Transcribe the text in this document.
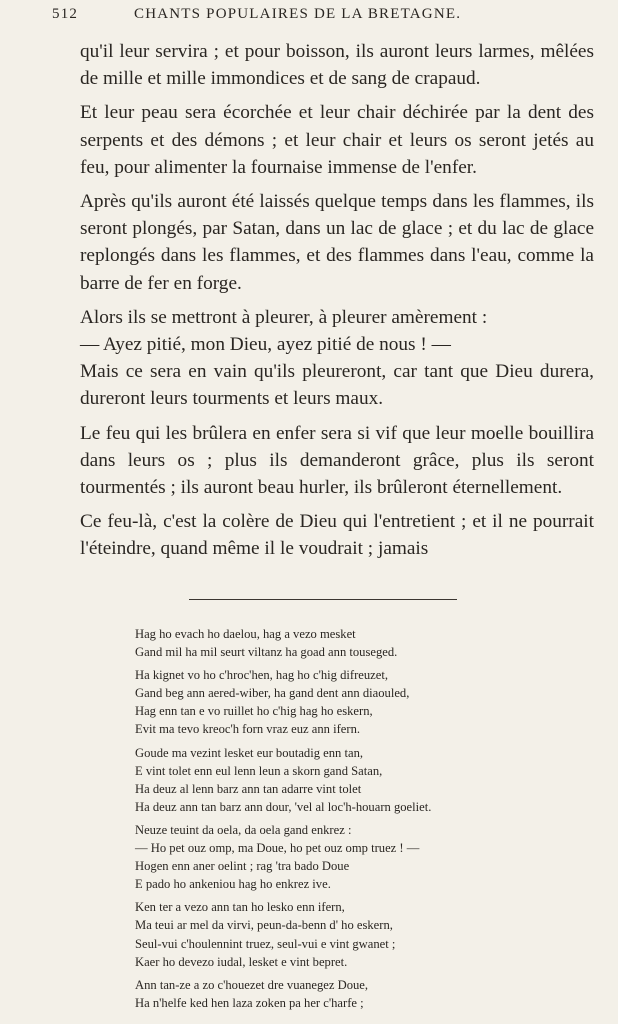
512	CHANTS POPULAIRES DE LA BRETAGNE.

qu'il leur servira ; et pour boisson, ils auront leurs larmes, mêlées de mille et mille immondices et de sang de crapaud.

Et leur peau sera écorchée et leur chair déchirée par la dent des serpents et des démons ; et leur chair et leurs os seront jetés au feu, pour alimenter la fournaise immense de l'enfer.

Après qu'ils auront été laissés quelque temps dans les flammes, ils seront plongés, par Satan, dans un lac de glace ; et du lac de glace replongés dans les flammes, et des flammes dans l'eau, comme la barre de fer en forge.

Alors ils se mettront à pleurer, à pleurer amèrement :

— Ayez pitié, mon Dieu, ayez pitié de nous ! —

Mais ce sera en vain qu'ils pleureront, car tant que Dieu durera, dureront leurs tourments et leurs maux.

Le feu qui les brûlera en enfer sera si vif que leur moelle bouillira dans leurs os ; plus ils demanderont grâce, plus ils seront tourmentés ; ils auront beau hurler, ils brûleront éternellement.

Ce feu-là, c'est la colère de Dieu qui l'entretient ; et il ne pourrait l'éteindre, quand même il le voudrait ; jamais

Hag ho evach ho daelou, hag a vezo mesket
Gand mil ha mil seurt viltanz ha goad ann touseged.
Ha kignet vo ho c'hroc'hen, hag ho c'hig difreuzet,
Gand beg ann aered-wiber, ha gand dent ann diaouled,
Hag enn tan e vo ruillet ho c'hig hag ho eskern,
Evit ma tevo kreoc'h forn vraz euz ann ifern.
Goude ma vezint lesket eur boutadig enn tan,
E vint tolet enn eul lenn leun a skorn gand Satan,
Ha deuz al lenn barz ann tan adarre vint tolet
Ha deuz ann tan barz ann dour, 'vel al loc'h-houarn goeliet.
Neuze teuint da oela, da oela gand enkrez :
— Ho pet ouz omp, ma Doue, ho pet ouz omp truez ! —
Hogen enn aner oelint ; rag 'tra bado Doue
E pado ho ankeniou hag ho enkrez ive.
Ken ter a vezo ann tan ho lesko enn ifern,
Ma teui ar mel da virvi, peun-da-benn d' ho eskern,
Seul-vui c'houlennint truez, seul-vui e vint gwanet ;
Kaer ho devezo iudal, lesket e vint bepret.
Ann tan-ze a zo c'houezet dre vuanegez Doue,
Ha n'helfe ked hen laza zoken pa her c'harfe ;
